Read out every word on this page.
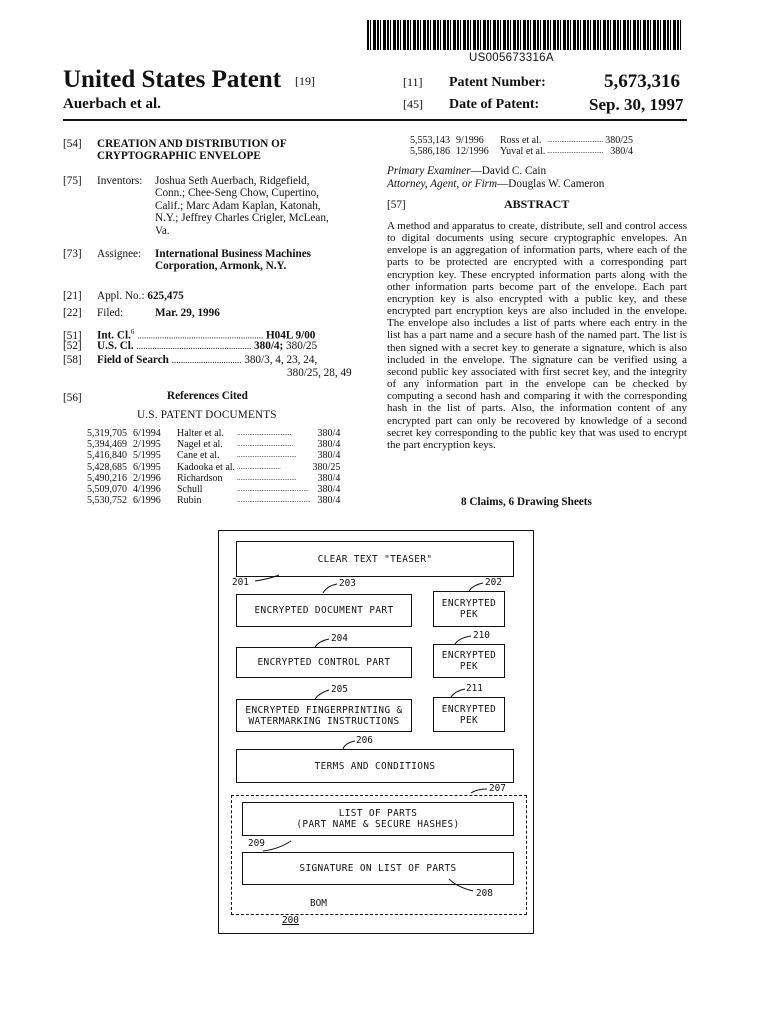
US005673316A
United States Patent [19]
Auerbach et al.
[11] Patent Number:	5,673,316
[45] Date of Patent:	Sep. 30, 1997
[54] CREATION AND DISTRIBUTION OF
CRYPTOGRAPHIC ENVELOPE
[75] Inventors:	Joshua Seth Auerbach, Ridgefield,
Conn.; Chee-Seng Chow, Cupertino,
Calif.; Marc Adam Kaplan, Katonah,
N.Y.; Jeffrey Charles Crigler, McLean,
Va.
[73] Assignee: International Business Machines
Corporation, Armonk, N.Y.
[21] Appl. No.: 625,475
[22] Filed:	Mar. 29, 1996
[51] Int. Cl.$^6$ ........................................................ H04L 9/00
[52] U.S. Cl. ................................................... 380/4; 380/25
[58] Field of Search ............................... 380/3, 4, 23, 24,
380/25, 28, 49
[56]	References Cited
U.S. PATENT DOCUMENTS
5,319,705	6/1994	Halter et al.	...............................	380/4
5,394,469	2/1995	Nagel et al.	................................	380/4
5,416,840	5/1995	Cane et al.	..................................	380/4
5,428,685	6/1995	Kadooka et al.	.........................	380/25
5,490,216	2/1996	Richardson	..................................	380/4
5,509,070	4/1996	Schull	.........................................	380/4
5,530,752	6/1996	Rubin	..........................................	380/4
5,553,143	9/1996	Ross et al.	................................	380/25
5,586,186	12/1996	Yuval et al.	................................	380/4
Primary Examiner—David C. Cain
Attorney, Agent, or Firm—Douglas W. Cameron
[57]	ABSTRACT
A method and apparatus to create, distribute, sell and control access to digital documents using secure cryptographic envelopes. An envelope is an aggregation of information parts, where each of the parts to be protected are encrypted with a corresponding part encryption key. These encrypted information parts along with the other information parts become part of the envelope. Each part encryption key is also encrypted with a public key, and these encrypted part encryption keys are also included in the envelope. The envelope also includes a list of parts where each entry in the list has a part name and a secure hash of the named part. The list is then signed with a secret key to generate a signature, which is also included in the envelope. The signature can be verified using a second public key associated with first secret key, and the integrity of any information part in the envelope can be checked by computing a second hash and comparing it with the corresponding hash in the list of parts. Also, the information content of any encrypted part can only be recovered by knowledge of a second secret key corresponding to the public key that was used to encrypt the part encryption keys.
8 Claims, 6 Drawing Sheets
CLEAR TEXT "TEASER"
201	203	202
ENCRYPTED DOCUMENT PART
ENCRYPTED
PEK
204	210
ENCRYPTED CONTROL PART
ENCRYPTED
PEK
205	211
ENCRYPTED FINGERPRINTING &
WATERMARKING INSTRUCTIONS
ENCRYPTED
PEK
206
TERMS AND CONDITIONS
207
LIST OF PARTS
(PART NAME & SECURE HASHES)
209
SIGNATURE ON LIST OF PARTS
208
BOM
200
